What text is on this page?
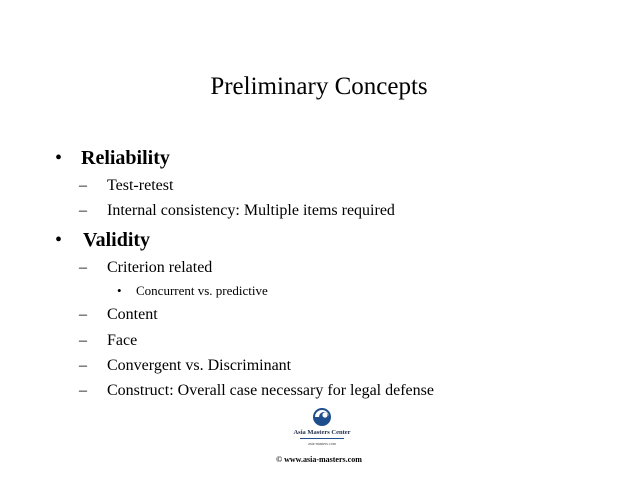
Preliminary Concepts
• Reliability
– Test-retest
– Internal consistency: Multiple items required
• Validity
– Criterion related
• Concurrent vs. predictive
– Content
– Face
– Convergent vs. Discriminant
– Construct: Overall case necessary for legal defense
Asia Masters Center
asia-masters.com
© www.asia-masters.com
